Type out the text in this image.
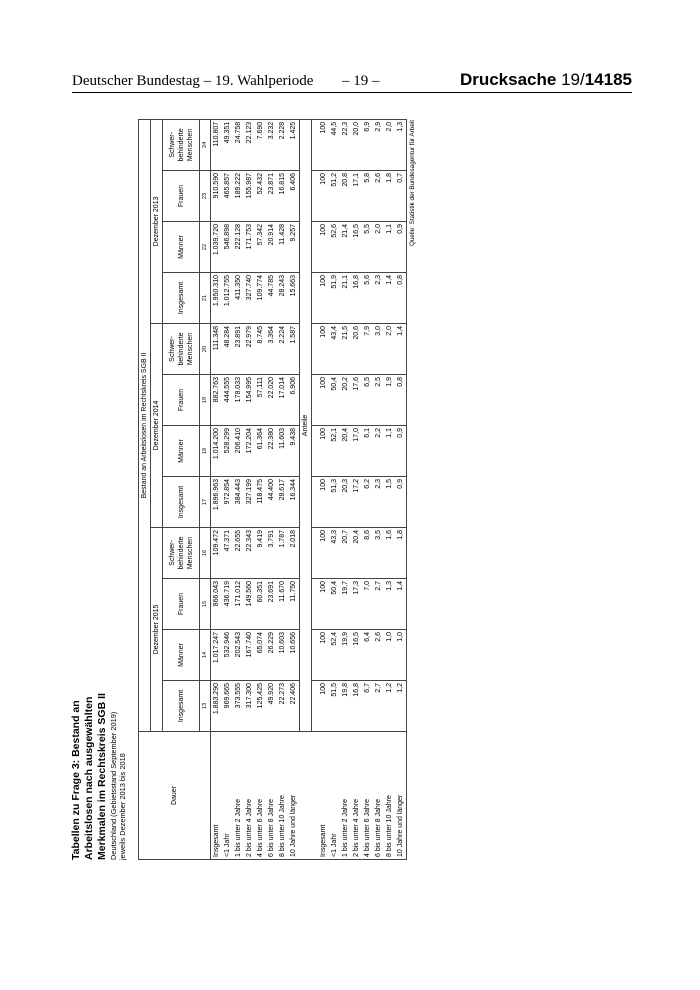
Deutscher Bundestag – 19. Wahlperiode – 19 –	Drucksache 19/14185
Tabellen zu Frage 3: Bestand an Arbeitslosen nach ausgewählten Merkmalen im Rechtskreis SGB II Deutschland (Gebietsstand September 2019) jeweils Dezember 2013 bis 2018	Dauer	Bestand an Arbeitslosen im Rechtskreis SGB II											
	Dezember 2015				Dezember 2014				Dezember 2013			
	Insgesamt	Männer	Frauen	Schwer-behinderte Menschen	Insgesamt	Männer	Frauen	Schwer-behinderte Menschen	Insgesamt	Männer	Frauen	Schwer-behinderte Menschen
	13	14	15	16	17	18	19	20	21	22	23	24
Insgesamt	1.883.290	1.017.247	866.043	109.472	1.896.963	1.014.200	882.763	111.348	1.950.310	1.039.720	910.590	110.807
<1 Jahr	969.665	532.946	436.719	47.371	972.854	528.299	444.555	48.284	1.012.755	546.898	465.857	49.351
1 bis unter 2 Jahre	373.555	202.543	171.012	22.655	384.443	206.410	178.033	23.891	411.350	222.128	189.222	24.758
2 bis unter 4 Jahre	317.300	167.740	149.560	22.343	327.199	172.204	154.995	22.979	327.740	171.753	155.987	22.123
4 bis unter 6 Jahre	125.425	65.074	60.351	9.419	118.475	61.364	57.111	8.745	109.774	57.342	52.432	7.690
6 bis unter 8 Jahre	49.920	26.229	23.691	3.791	44.400	22.380	22.020	3.364	44.785	20.914	23.871	3.232
8 bis unter 10 Jahre	22.273	10.603	11.670	1.787	28.617	11.603	17.014	2.224	28.243	11.428	16.815	2.228
10 Jahre und länger	22.406	10.656	11.750	2.018	16.344	9.438	6.906	1.587	15.663	9.257	6.406	1.425
	Anteile											

Insgesamt	100	100	100	100	100	100	100	100	100	100	100	100
<1 Jahr	51,5	52,4	50,4	43,3	51,3	52,1	50,4	43,4	51,9	52,6	51,2	44,5
1 bis unter 2 Jahre	19,8	19,9	19,7	20,7	20,3	20,4	20,2	21,5	21,1	21,4	20,8	22,3
2 bis unter 4 Jahre	16,8	16,5	17,3	20,4	17,2	17,0	17,6	20,6	16,8	16,5	17,1	20,0
4 bis unter 6 Jahre	6,7	6,4	7,0	8,6	6,2	6,1	6,5	7,9	5,6	5,5	5,8	6,9
6 bis unter 8 Jahre	2,7	2,6	2,7	3,5	2,3	2,2	2,5	3,0	2,3	2,0	2,6	2,9
8 bis unter 10 Jahre	1,2	1,0	1,3	1,6	1,5	1,1	1,9	2,0	1,4	1,1	1,8	2,0
10 Jahre und länger	1,2	1,0	1,4	1,8	0,9	0,9	0,8	1,4	0,8	0,9	0,7	1,3 Quelle: Statistik der Bundesagentur für Arbeit
